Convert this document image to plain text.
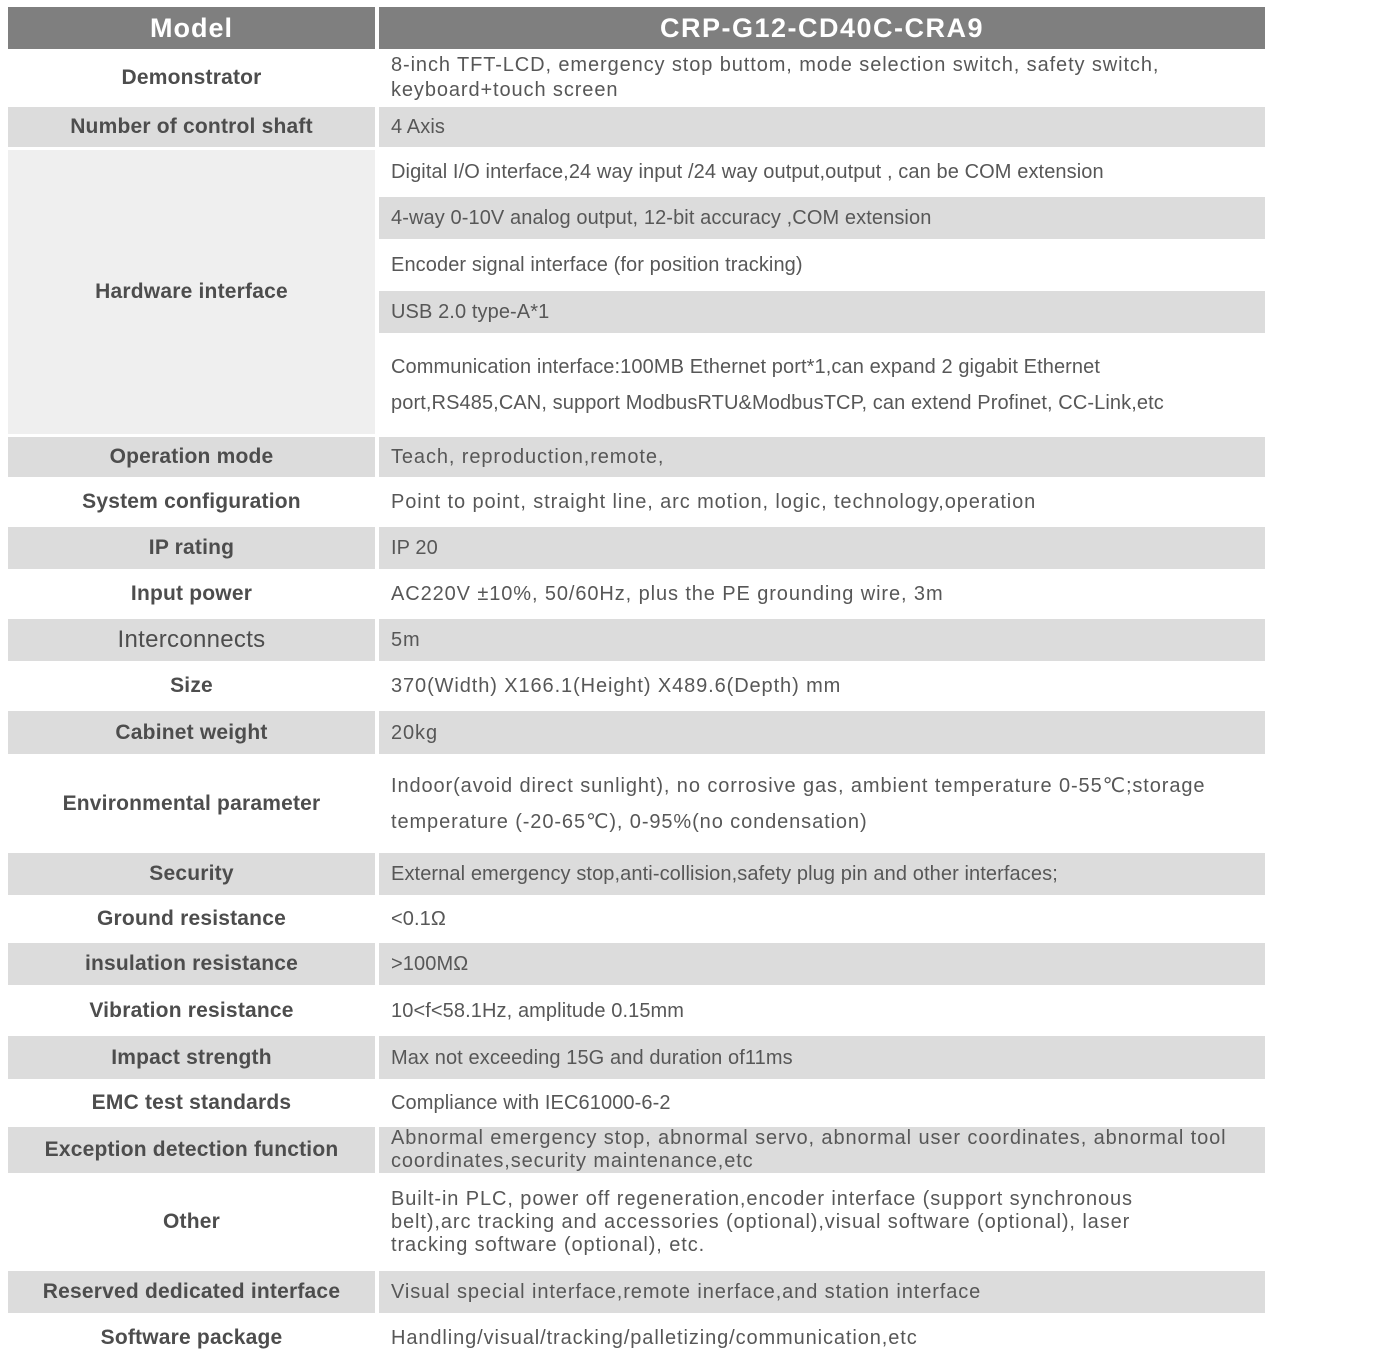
Model	CRP-G12-CD40C-CRA9
Demonstrator	8-inch TFT-LCD, emergency stop buttom, mode selection switch, safety switch, keyboard+touch screen
Number of control shaft	4 Axis
Hardware interface	Digital I/O interface,24 way input /24 way output,output , can be COM extension
	4-way 0-10V analog output, 12-bit accuracy ,COM extension
	Encoder signal interface (for position tracking)
	USB 2.0 type-A*1
	Communication interface:100MB Ethernet port*1,can expand 2 gigabit Ethernet port,RS485,CAN, support ModbusRTU&ModbusTCP, can extend Profinet, CC-Link,etc
Operation mode	Teach, reproduction,remote,
System configuration	Point to point, straight line, arc motion, logic, technology,operation
IP rating	IP 20
Input power	AC220V ±10%, 50/60Hz, plus the PE grounding wire, 3m
Interconnects	5m
Size	370(Width) X166.1(Height) X489.6(Depth) mm
Cabinet weight	20kg
Environmental parameter	Indoor(avoid direct sunlight), no corrosive gas, ambient temperature 0-55℃;storage temperature (-20-65℃), 0-95%(no condensation)
Security	External emergency stop,anti-collision,safety plug pin and other interfaces;
Ground resistance	<0.1Ω
insulation resistance	>100MΩ
Vibration resistance	10<f<58.1Hz, amplitude 0.15mm
Impact strength	Max not exceeding 15G and duration of11ms
EMC test standards	Compliance with IEC61000-6-2
Exception detection function	Abnormal emergency stop, abnormal servo, abnormal user coordinates, abnormal tool coordinates,security maintenance,etc
Other	Built-in PLC, power off regeneration,encoder interface (support synchronous belt),arc tracking and accessories (optional),visual software (optional), laser tracking software (optional), etc.
Reserved dedicated interface	Visual special interface,remote inerface,and station interface
Software package	Handling/visual/tracking/palletizing/communication,etc
